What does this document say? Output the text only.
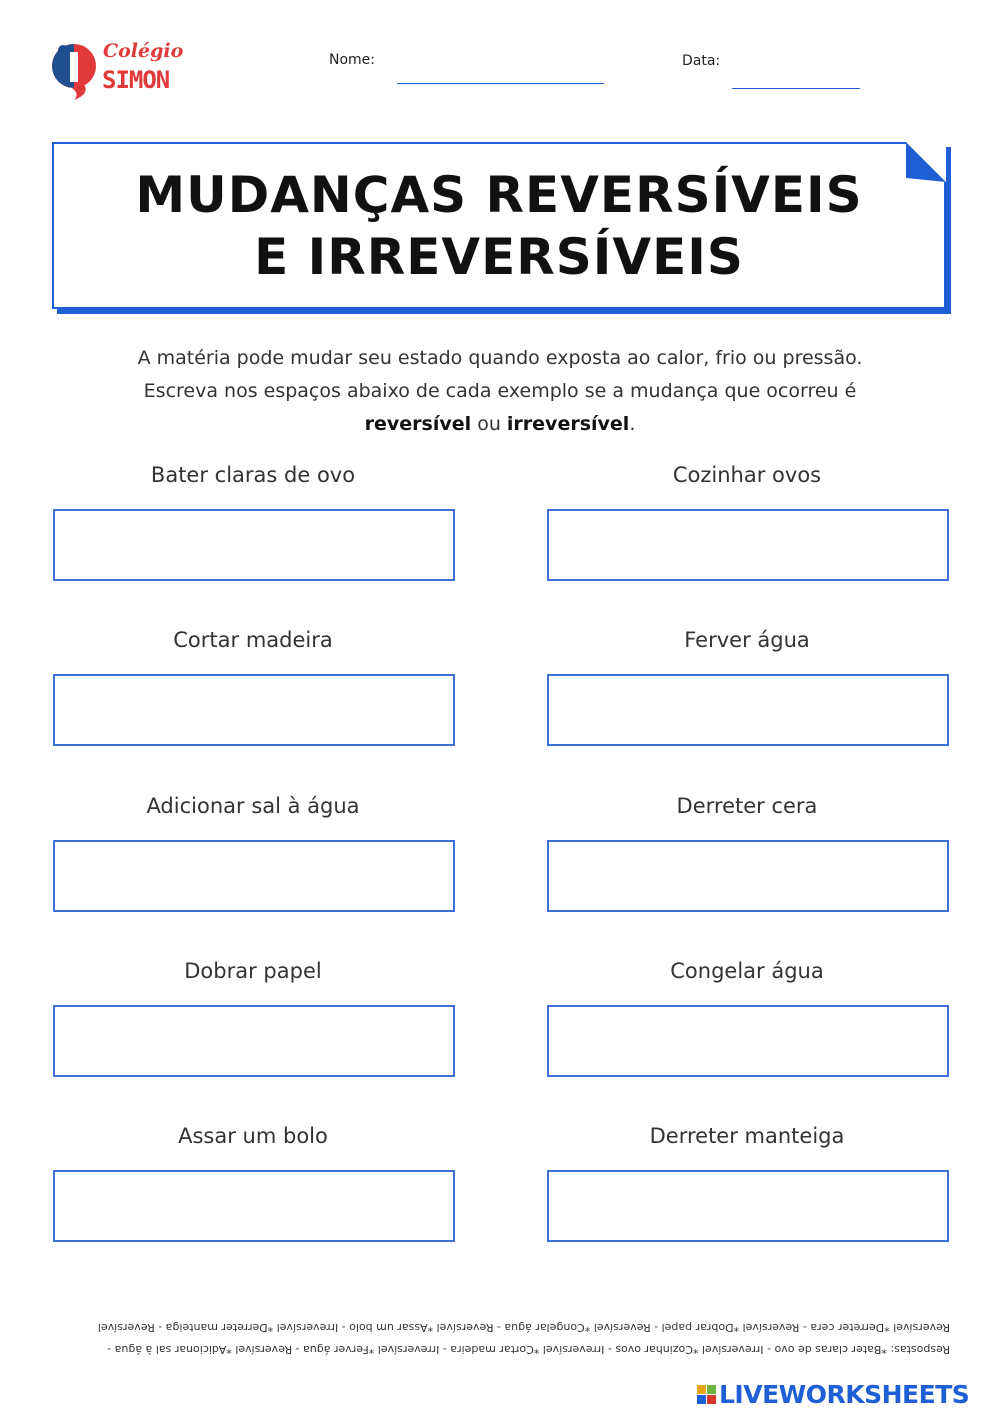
Colégio
SIMON
Nome:	Data:
MUDANÇAS REVERSÍVEIS
E IRREVERSÍVEIS
A matéria pode mudar seu estado quando exposta ao calor, frio ou pressão.
Escreva nos espaços abaixo de cada exemplo se a mudança que ocorreu é
reversível ou irreversível.
Bater claras de ovo
Cortar madeira
Adicionar sal à água
Dobrar papel
Assar um bolo
Cozinhar ovos
Ferver água
Derreter cera
Congelar água
Derreter manteiga
Respostas: *Bater claras de ovo - Irreversível *Cozinhar ovos - Irreversível *Cortar madeira - Irreversível *Ferver água - Reversível *Adicionar sal à água -
Reversível *Derreter cera - Reversível *Dobrar papel - Reversível *Congelar água - Reversível *Assar um bolo - Irreversível *Derreter manteiga - Reversível
LIVEWORKSHEETS
